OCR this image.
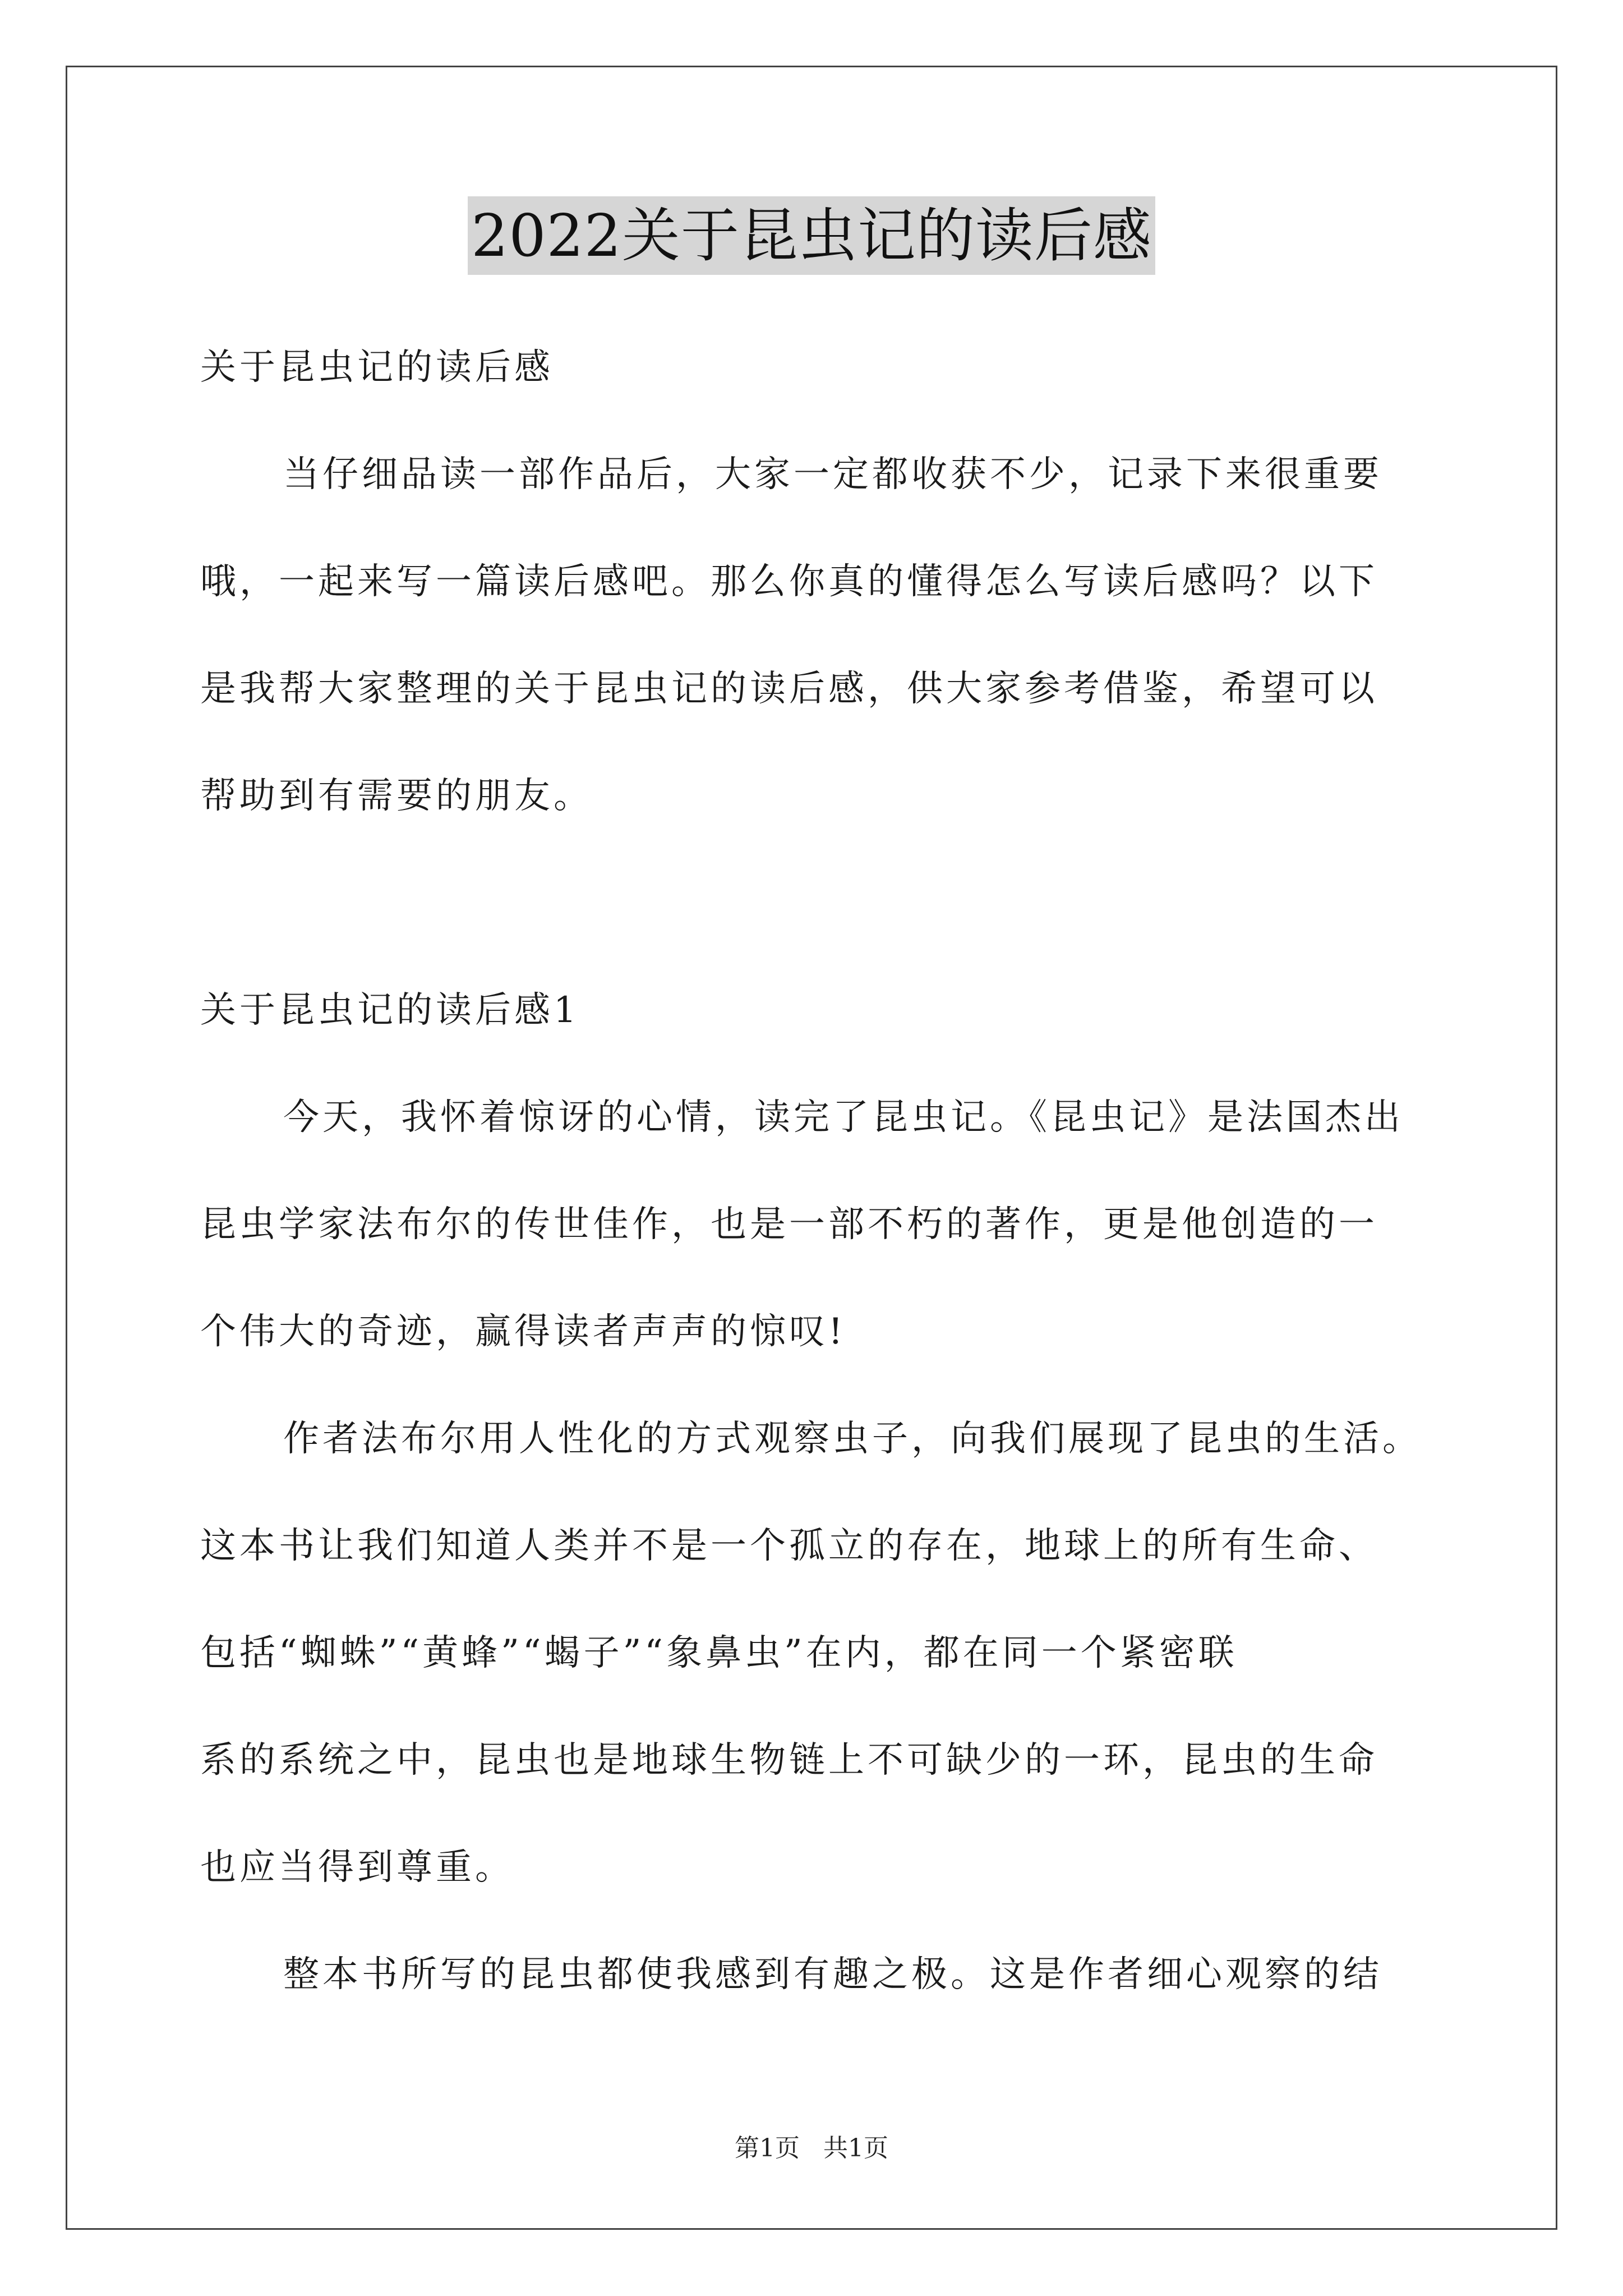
2022关于昆虫记的读后感
关于昆虫记的读后感
当仔细品读一部作品后，大家一定都收获不少，记录下来很重要
哦，一起来写一篇读后感吧。那么你真的懂得怎么写读后感吗？以下
是我帮大家整理的关于昆虫记的读后感，供大家参考借鉴，希望可以
帮助到有需要的朋友。
关于昆虫记的读后感1
今天，我怀着惊讶的心情，读完了昆虫记。《昆虫记》是法国杰出
昆虫学家法布尔的传世佳作，也是一部不朽的著作，更是他创造的一
个伟大的奇迹，赢得读者声声的惊叹!
作者法布尔用人性化的方式观察虫子，向我们展现了昆虫的生活。
这本书让我们知道人类并不是一个孤立的存在，地球上的所有生命、
包括“蜘蛛”“黄蜂”“蝎子”“象鼻虫”在内，都在同一个紧密联
系的系统之中，昆虫也是地球生物链上不可缺少的一环，昆虫的生命
也应当得到尊重。
整本书所写的昆虫都使我感到有趣之极。这是作者细心观察的结
第1页 共1页
